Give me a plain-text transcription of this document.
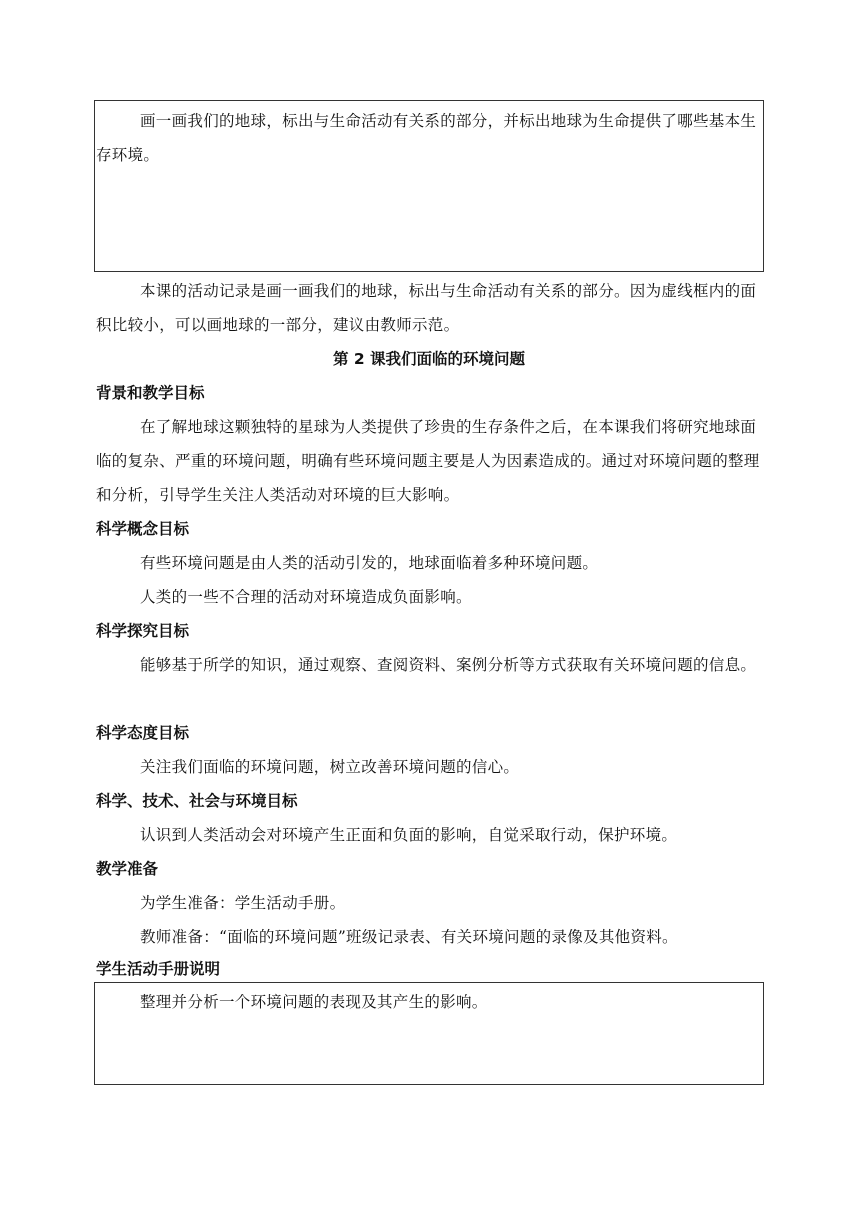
画一画我们的地球，标出与生命活动有关系的部分，并标出地球为生命提供了哪些基本生存环境。

本课的活动记录是画一画我们的地球，标出与生命活动有关系的部分。因为虚线框内的面积比较小，可以画地球的一部分，建议由教师示范。

第 2 课我们面临的环境问题
背景和教学目标

在了解地球这颗独特的星球为人类提供了珍贵的生存条件之后，在本课我们将研究地球面临的复杂、严重的环境问题，明确有些环境问题主要是人为因素造成的。通过对环境问题的整理和分析，引导学生关注人类活动对环境的巨大影响。

科学概念目标

有些环境问题是由人类的活动引发的，地球面临着多种环境问题。

人类的一些不合理的活动对环境造成负面影响。

科学探究目标

能够基于所学的知识，通过观察、查阅资料、案例分析等方式获取有关环境问题的信息。

科学态度目标

关注我们面临的环境问题，树立改善环境问题的信心。

科学、技术、社会与环境目标

认识到人类活动会对环境产生正面和负面的影响，自觉采取行动，保护环境。

教学准备

为学生准备：学生活动手册。

教师准备：“面临的环境问题”班级记录表、有关环境问题的录像及其他资料。

学生活动手册说明

整理并分析一个环境问题的表现及其产生的影响。
